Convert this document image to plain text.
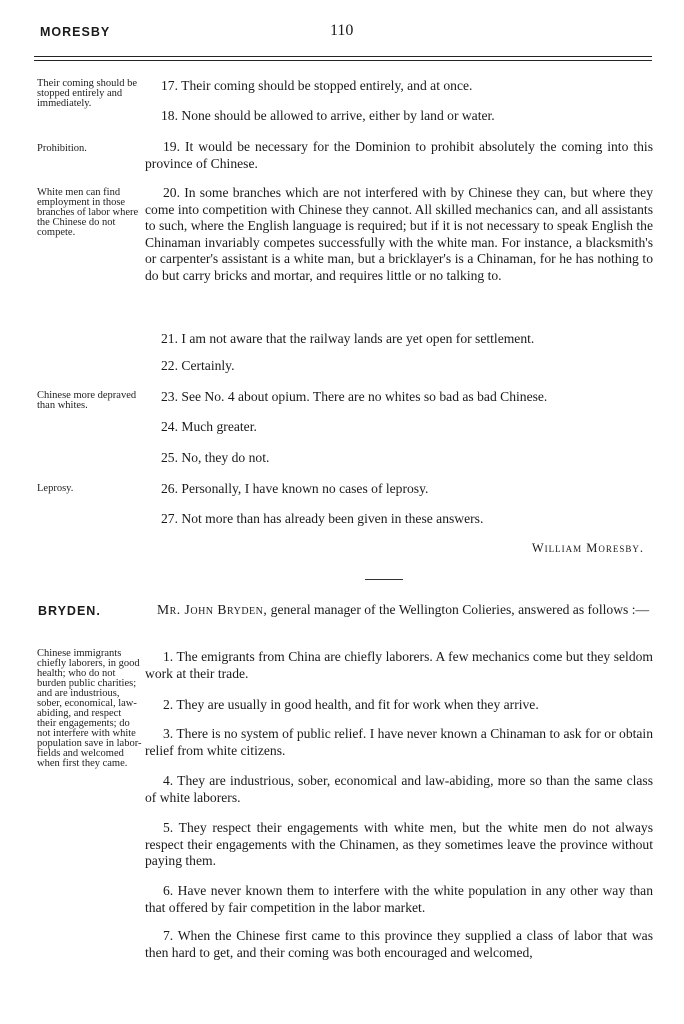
MORESBY	110
Their coming should be stopped entirely and immediately.
Prohibition.
White men can find employment in those branches of labor where the Chinese do not compete.
Chinese more depraved than whites.
Leprosy.
Chinese immigrants chiefly laborers, in good health; who do not burden public charities; and are industrious, sober, economical, law-abiding, and respect their engagements; do not interfere with white population save in labor-fields and welcomed when first they came.
17. Their coming should be stopped entirely, and at once.
18. None should be allowed to arrive, either by land or water.

19. It would be necessary for the Dominion to prohibit absolutely the coming into this province of Chinese.

20. In some branches which are not interfered with by Chinese they can, but where they come into competition with Chinese they cannot. All skilled mechanics can, and all assistants to such, where the English language is required; but if it is not necessary to speak English the Chinaman invariably competes successfully with the white man. For instance, a blacksmith's or carpenter's assistant is a white man, but a bricklayer's is a Chinaman, for he has nothing to do but carry bricks and mortar, and requires little or no talking to.

21. I am not aware that the railway lands are yet open for settlement.
22. Certainly.
23. See No. 4 about opium. There are no whites so bad as bad Chinese.
24. Much greater.
25. No, they do not.
26. Personally, I have known no cases of leprosy.
27. Not more than has already been given in these answers.
William Moresby.
BRYDEN.	Mr. John Bryden, general manager of the Wellington Colieries, answered as follows :—

1. The emigrants from China are chiefly laborers. A few mechanics come but they seldom work at their trade.

2. They are usually in good health, and fit for work when they arrive.

3. There is no system of public relief. I have never known a Chinaman to ask for or obtain relief from white citizens.

4. They are industrious, sober, economical and law-abiding, more so than the same class of white laborers.

5. They respect their engagements with white men, but the white men do not always respect their engagements with the Chinamen, as they sometimes leave the province without paying them.

6. Have never known them to interfere with the white population in any other way than that offered by fair competition in the labor market.

7. When the Chinese first came to this province they supplied a class of labor that was then hard to get, and their coming was both encouraged and welcomed,
